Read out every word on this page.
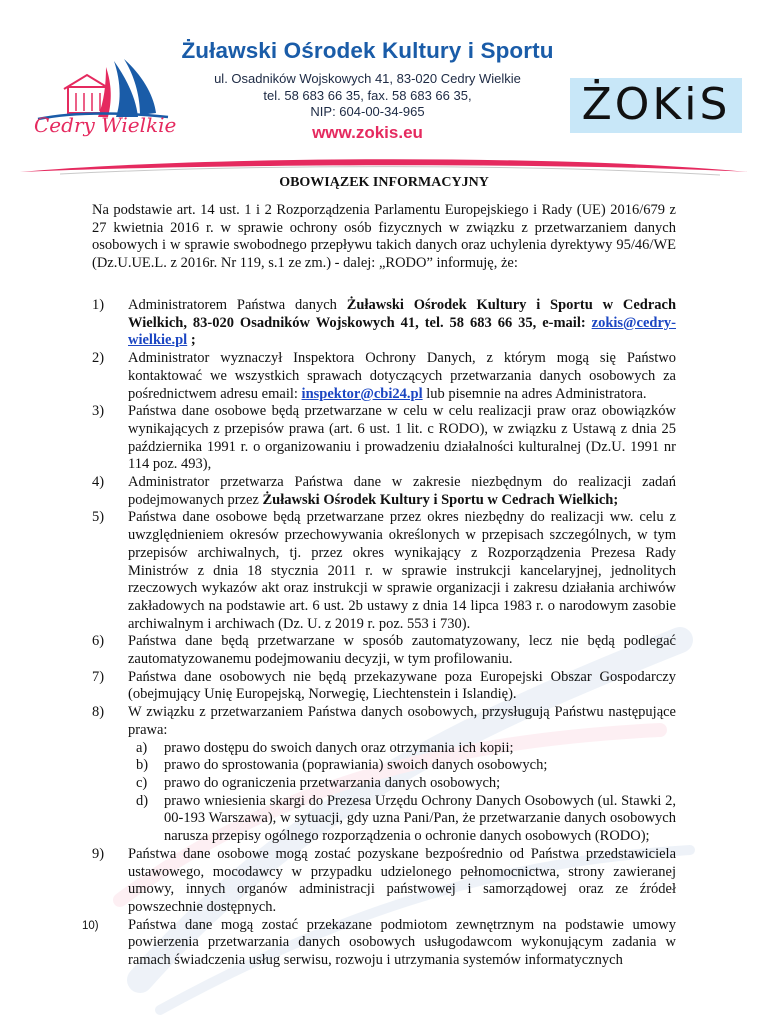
Cedry Wielkie
Żuławski Ośrodek Kultury i Sportu
ul. Osadników Wojskowych 41, 83-020 Cedry Wielkie
tel. 58 683 66 35, fax. 58 683 66 35,
NIP: 604-00-34-965
www.zokis.eu
ŻOKiS
OBOWIĄZEK INFORMACYJNY

Na podstawie art. 14 ust. 1 i 2 Rozporządzenia Parlamentu Europejskiego i Rady (UE) 2016/679 z 27 kwietnia 2016 r. w sprawie ochrony osób fizycznych w związku z przetwarzaniem danych osobowych i w sprawie swobodnego przepływu takich danych oraz uchylenia dyrektywy 95/46/WE (Dz.U.UE.L. z 2016r. Nr 119, s.1 ze zm.) - dalej: „RODO” informuję, że:

1) Administratorem Państwa danych Żuławski Ośrodek Kultury i Sportu w Cedrach Wielkich, 83-020 Osadników Wojskowych 41, tel. 58 683 66 35, e-mail: zokis@cedry-wielkie.pl ;
2) Administrator wyznaczył Inspektora Ochrony Danych, z którym mogą się Państwo kontaktować we wszystkich sprawach dotyczących przetwarzania danych osobowych za pośrednictwem adresu email: inspektor@cbi24.pl lub pisemnie na adres Administratora.
3) Państwa dane osobowe będą przetwarzane w celu w celu realizacji praw oraz obowiązków wynikających z przepisów prawa (art. 6 ust. 1 lit. c RODO), w związku z Ustawą z dnia 25 października 1991 r. o organizowaniu i prowadzeniu działalności kulturalnej (Dz.U. 1991 nr 114 poz. 493),
4) Administrator przetwarza Państwa dane w zakresie niezbędnym do realizacji zadań podejmowanych przez Żuławski Ośrodek Kultury i Sportu w Cedrach Wielkich;
5) Państwa dane osobowe będą przetwarzane przez okres niezbędny do realizacji ww. celu z uwzględnieniem okresów przechowywania określonych w przepisach szczególnych, w tym przepisów archiwalnych, tj. przez okres wynikający z Rozporządzenia Prezesa Rady Ministrów z dnia 18 stycznia 2011 r. w sprawie instrukcji kancelaryjnej, jednolitych rzeczowych wykazów akt oraz instrukcji w sprawie organizacji i zakresu działania archiwów zakładowych na podstawie art. 6 ust. 2b ustawy z dnia 14 lipca 1983 r. o narodowym zasobie archiwalnym i archiwach (Dz. U. z 2019 r. poz. 553 i 730).
6) Państwa dane będą przetwarzane w sposób zautomatyzowany, lecz nie będą podlegać zautomatyzowanemu podejmowaniu decyzji, w tym profilowaniu.
7) Państwa dane osobowych nie będą przekazywane poza Europejski Obszar Gospodarczy (obejmujący Unię Europejską, Norwegię, Liechtenstein i Islandię).
8) W związku z przetwarzaniem Państwa danych osobowych, przysługują Państwu następujące prawa:
a) prawo dostępu do swoich danych oraz otrzymania ich kopii;
b) prawo do sprostowania (poprawiania) swoich danych osobowych;
c) prawo do ograniczenia przetwarzania danych osobowych;
d) prawo wniesienia skargi do Prezesa Urzędu Ochrony Danych Osobowych (ul. Stawki 2, 00-193 Warszawa), w sytuacji, gdy uzna Pani/Pan, że przetwarzanie danych osobowych narusza przepisy ogólnego rozporządzenia o ochronie danych osobowych (RODO);
9) Państwa dane osobowe mogą zostać pozyskane bezpośrednio od Państwa przedstawiciela ustawowego, mocodawcy w przypadku udzielonego pełnomocnictwa, strony zawieranej umowy, innych organów administracji państwowej i samorządowej oraz ze źródeł powszechnie dostępnych.
10) Państwa dane mogą zostać przekazane podmiotom zewnętrznym na podstawie umowy powierzenia przetwarzania danych osobowych usługodawcom wykonującym zadania w ramach świadczenia usług serwisu, rozwoju i utrzymania systemów informatycznych
